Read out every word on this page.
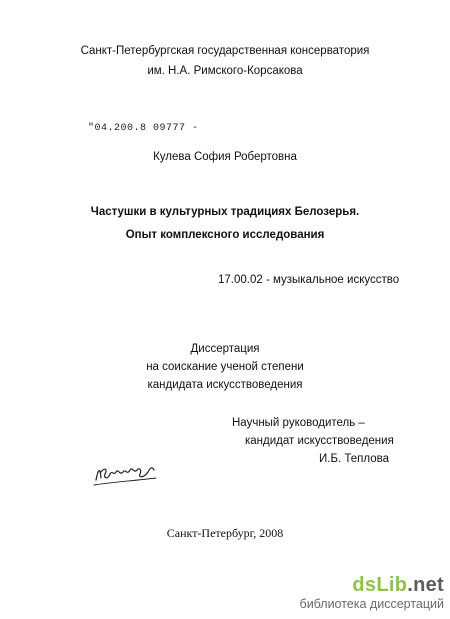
Санкт-Петербургская государственная консерватория
им. Н.А. Римского-Корсакова
"04.200.8 09777 -
Кулева София Робертовна
Частушки в культурных традициях Белозерья.
Опыт комплексного исследования
17.00.02 - музыкальное искусство
Диссертация
на соискание ученой степени
кандидата искусствоведения
Научный руководитель –
кандидат искусствоведения
И.Б. Теплова
Санкт-Петербург, 2008
dsLib.net
библиотека диссертаций
